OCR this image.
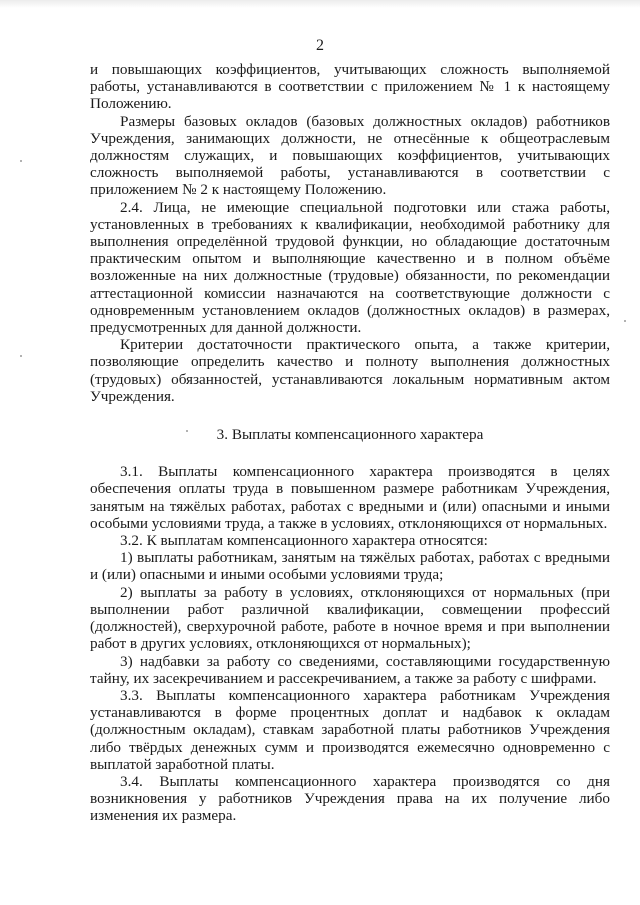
2

и повышающих коэффициентов, учитывающих сложность выполняемой работы, устанавливаются в соответствии с приложением № 1 к настоящему Положению.

Размеры базовых окладов (базовых должностных окладов) работников Учреждения, занимающих должности, не отнесённые к общеотраслевым должностям служащих, и повышающих коэффициентов, учитывающих сложность выполняемой работы, устанавливаются в соответствии с приложением № 2 к настоящему Положению.

2.4. Лица, не имеющие специальной подготовки или стажа работы, установленных в требованиях к квалификации, необходимой работнику для выполнения определённой трудовой функции, но обладающие достаточным практическим опытом и выполняющие качественно и в полном объёме возложенные на них должностные (трудовые) обязанности, по рекомендации аттестационной комиссии назначаются на соответствующие должности с одновременным установлением окладов (должностных окладов) в размерах, предусмотренных для данной должности.

Критерии достаточности практического опыта, а также критерии, позволяющие определить качество и полноту выполнения должностных (трудовых) обязанностей, устанавливаются локальным нормативным актом Учреждения.

3. Выплаты компенсационного характера

3.1. Выплаты компенсационного характера производятся в целях обеспечения оплаты труда в повышенном размере работникам Учреждения, занятым на тяжёлых работах, работах с вредными и (или) опасными и иными особыми условиями труда, а также в условиях, отклоняющихся от нормальных.

3.2. К выплатам компенсационного характера относятся:

1) выплаты работникам, занятым на тяжёлых работах, работах с вредными и (или) опасными и иными особыми условиями труда;

2) выплаты за работу в условиях, отклоняющихся от нормальных (при выполнении работ различной квалификации, совмещении профессий (должностей), сверхурочной работе, работе в ночное время и при выполнении работ в других условиях, отклоняющихся от нормальных);

3) надбавки за работу со сведениями, составляющими государственную тайну, их засекречиванием и рассекречиванием, а также за работу с шифрами.

3.3. Выплаты компенсационного характера работникам Учреждения устанавливаются в форме процентных доплат и надбавок к окладам (должностным окладам), ставкам заработной платы работников Учреждения либо твёрдых денежных сумм и производятся ежемесячно одновременно с выплатой заработной платы.

3.4. Выплаты компенсационного характера производятся со дня возникновения у работников Учреждения права на их получение либо изменения их размера.
